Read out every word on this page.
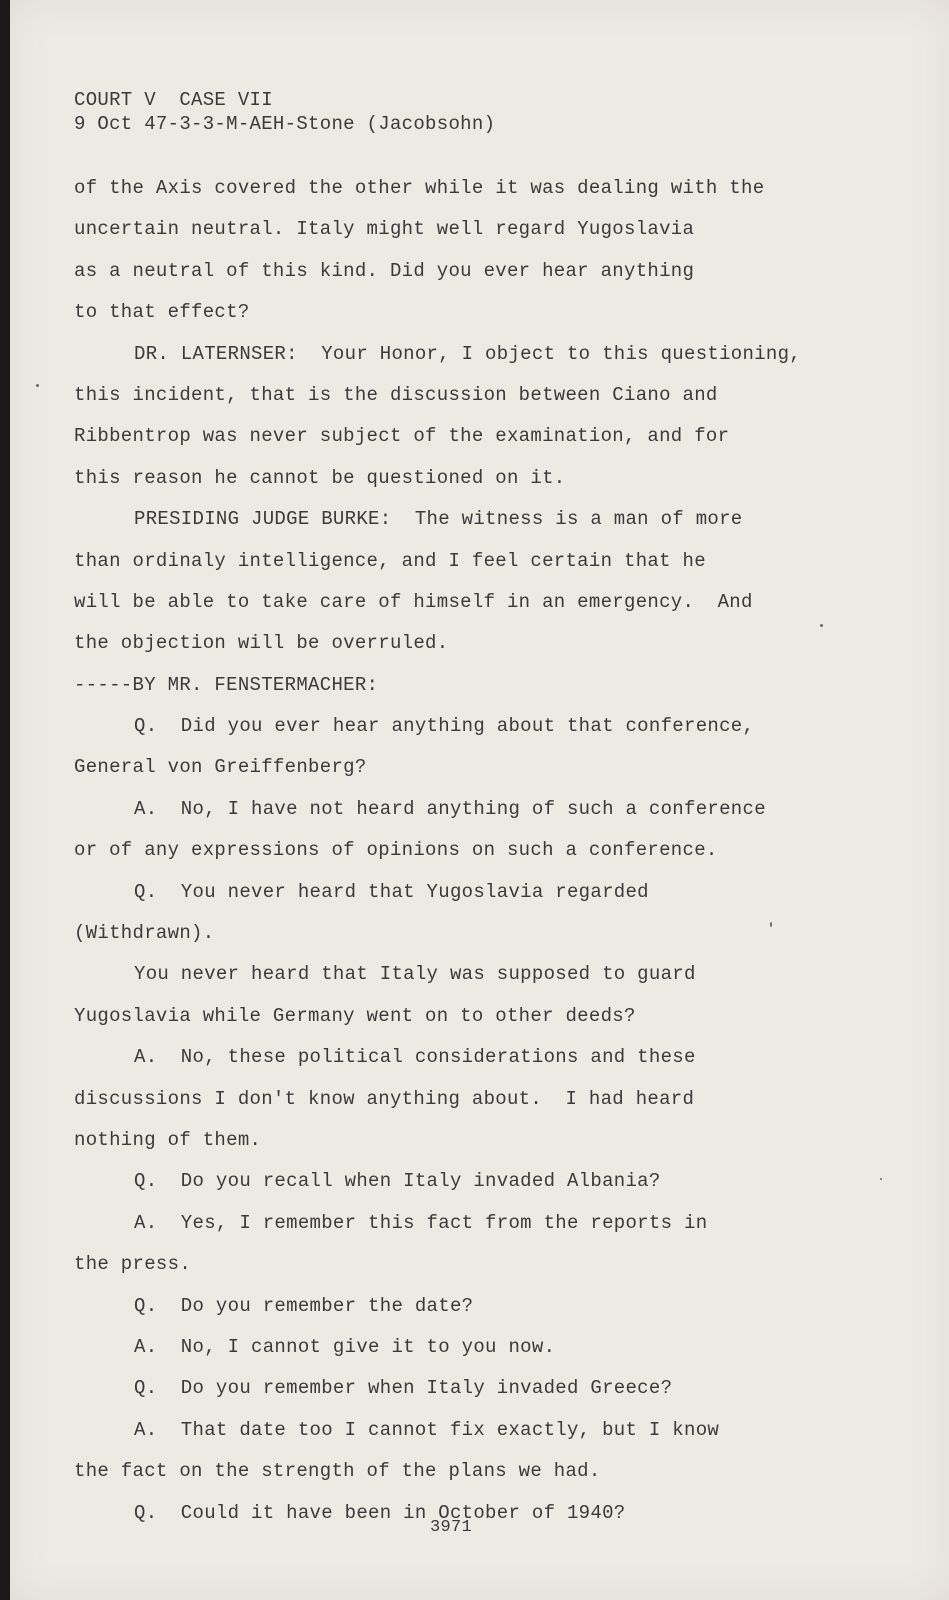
COURT V  CASE VII
9 Oct 47-3-3-M-AEH-Stone (Jacobsohn)
of the Axis covered the other while it was dealing with the
uncertain neutral. Italy might well regard Yugoslavia
as a neutral of this kind. Did you ever hear anything
to that effect?
DR. LATERNSER:  Your Honor, I object to this questioning,
this incident, that is the discussion between Ciano and
Ribbentrop was never subject of the examination, and for
this reason he cannot be questioned on it.
PRESIDING JUDGE BURKE:  The witness is a man of more
than ordinaly intelligence, and I feel certain that he
will be able to take care of himself in an emergency.  And
the objection will be overruled.
-----BY MR. FENSTERMACHER:
Q.  Did you ever hear anything about that conference,
General von Greiffenberg?
A.  No, I have not heard anything of such a conference
or of any expressions of opinions on such a conference.
Q.  You never heard that Yugoslavia regarded
(Withdrawn).
You never heard that Italy was supposed to guard
Yugoslavia while Germany went on to other deeds?
A.  No, these political considerations and these
discussions I don't know anything about.  I had heard
nothing of them.
Q.  Do you recall when Italy invaded Albania?
A.  Yes, I remember this fact from the reports in
the press.
Q.  Do you remember the date?
A.  No, I cannot give it to you now.
Q.  Do you remember when Italy invaded Greece?
A.  That date too I cannot fix exactly, but I know
the fact on the strength of the plans we had.
Q.  Could it have been in October of 1940?
3971
